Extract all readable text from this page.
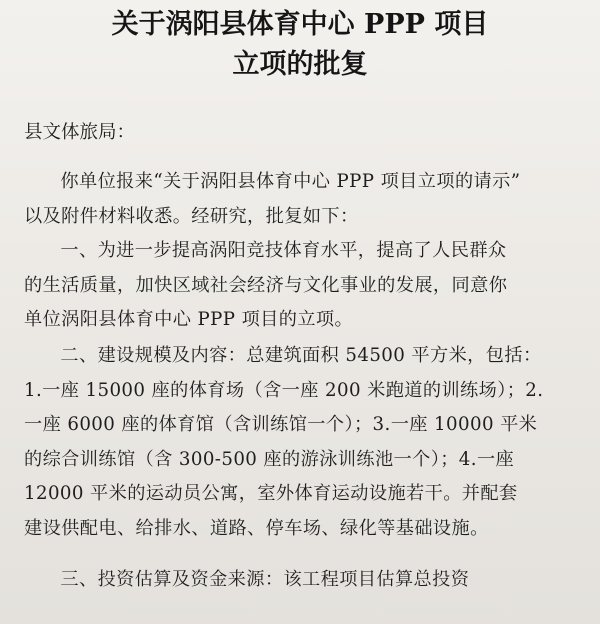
关于涡阳县体育中心 PPP 项目
立项的批复
县文体旅局：
你单位报来“关于涡阳县体育中心 PPP 项目立项的请示”
以及附件材料收悉。经研究，批复如下：
一、为进一步提高涡阳竞技体育水平，提高了人民群众
的生活质量，加快区域社会经济与文化事业的发展，同意你
单位涡阳县体育中心 PPP 项目的立项。
二、建设规模及内容：总建筑面积 54500 平方米，包括：
1.一座 15000 座的体育场（含一座 200 米跑道的训练场）；2.
一座 6000 座的体育馆（含训练馆一个）；3.一座 10000 平米
的综合训练馆（含 300-500 座的游泳训练池一个）；4.一座
12000 平米的运动员公寓，室外体育运动设施若干。并配套
建设供配电、给排水、道路、停车场、绿化等基础设施。
三、投资估算及资金来源：该工程项目估算总投资
